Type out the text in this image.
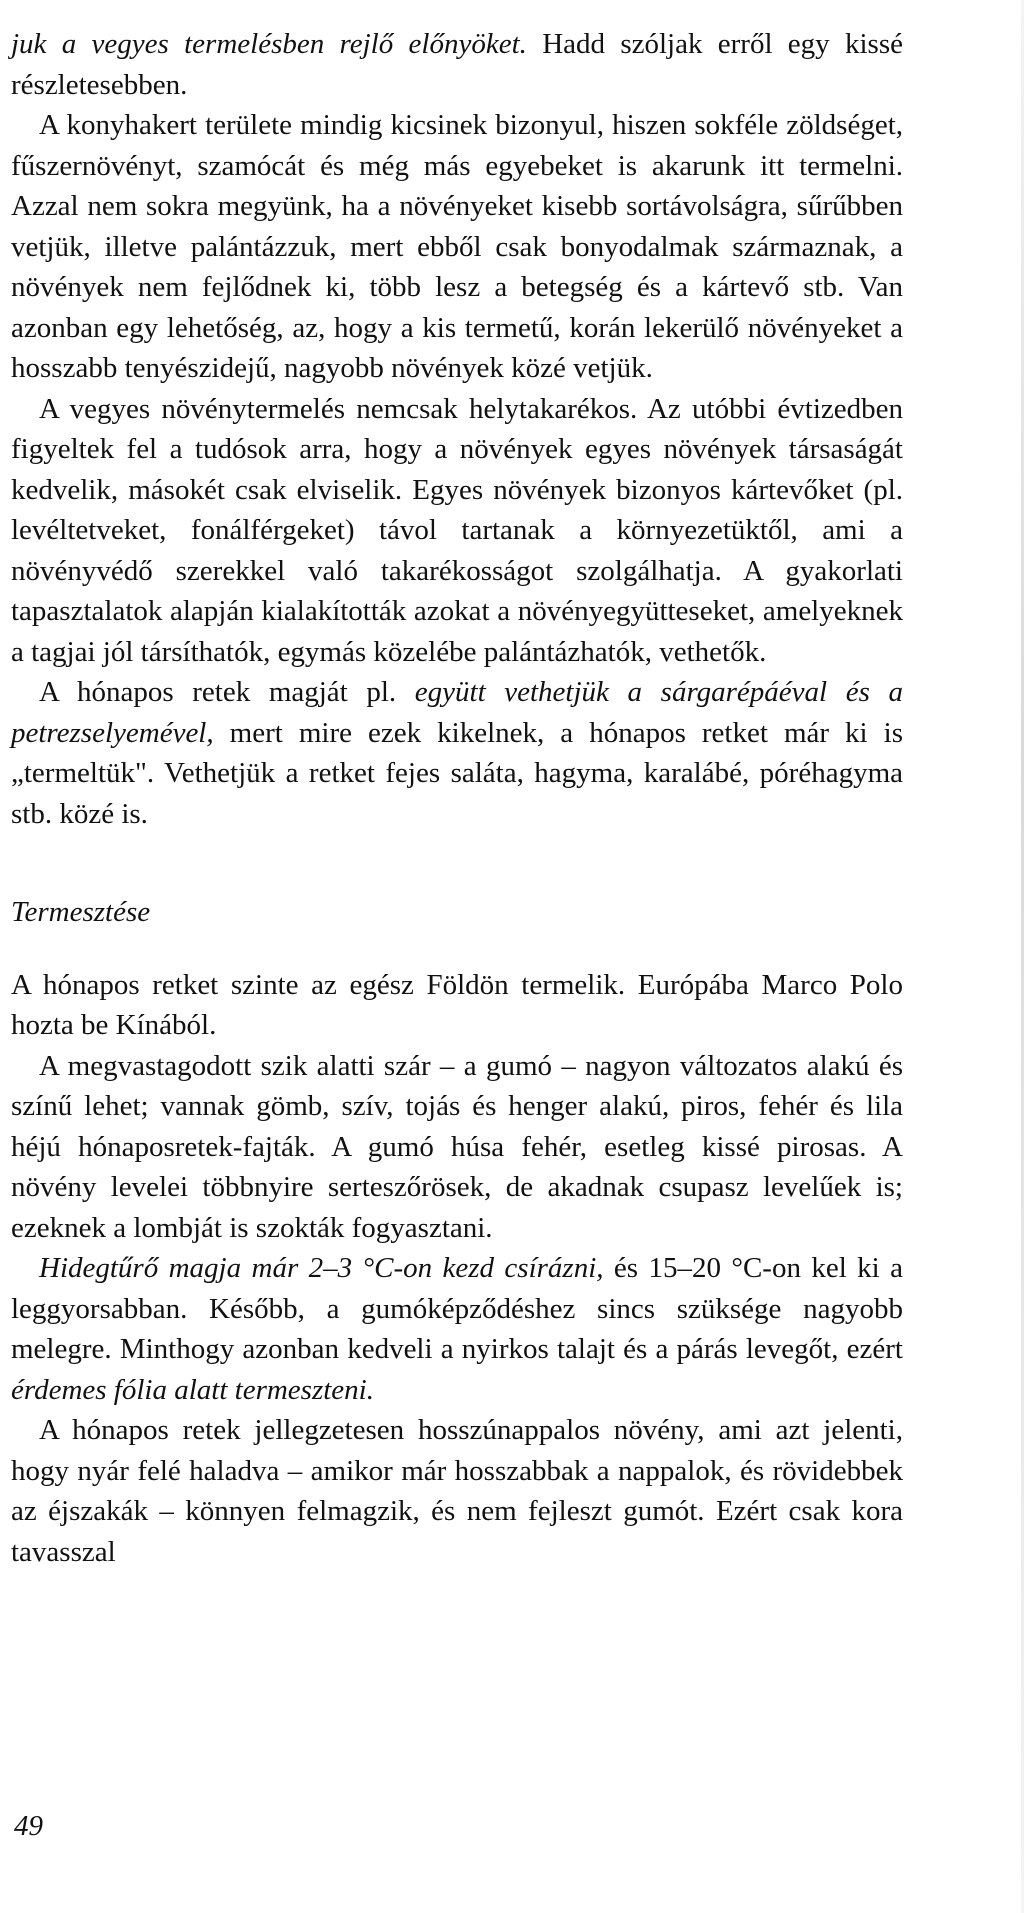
juk a vegyes termelésben rejlő előnyöket. Hadd szóljak erről egy kissé részletesebben.

A konyhakert területe mindig kicsinek bizonyul, hiszen sokféle zöldséget, fűszernövényt, szamócát és még más egyebeket is akarunk itt termelni. Azzal nem sokra megyünk, ha a növényeket kisebb sortávolságra, sűrűbben vetjük, illetve palántázzuk, mert ebből csak bonyodalmak származnak, a növények nem fejlődnek ki, több lesz a betegség és a kártevő stb. Van azonban egy lehetőség, az, hogy a kis termetű, korán lekerülő növényeket a hosszabb tenyészidejű, nagyobb növények közé vetjük.

A vegyes növénytermelés nemcsak helytakarékos. Az utóbbi évtizedben figyeltek fel a tudósok arra, hogy a növények egyes növények társaságát kedvelik, másokét csak elviselik. Egyes növények bizonyos kártevőket (pl. levéltetveket, fonálférgeket) távol tartanak a környezetüktől, ami a növényvédő szerekkel való takarékosságot szolgálhatja. A gyakorlati tapasztalatok alapján kialakították azokat a növényegyütteseket, amelyeknek a tagjai jól társíthatók, egymás közelébe palántázhatók, vethetők.

A hónapos retek magját pl. együtt vethetjük a sárgarépáéval és a petrezselyemével, mert mire ezek kikelnek, a hónapos retket már ki is „termeltük". Vethetjük a retket fejes saláta, hagyma, karalábé, póréhagyma stb. közé is.

Termesztése

A hónapos retket szinte az egész Földön termelik. Európába Marco Polo hozta be Kínából.

A megvastagodott szik alatti szár – a gumó – nagyon változatos alakú és színű lehet; vannak gömb, szív, tojás és henger alakú, piros, fehér és lila héjú hónaposretek-fajták. A gumó húsa fehér, esetleg kissé pirosas. A növény levelei többnyire serteszőrösek, de akadnak csupasz levelűek is; ezeknek a lombját is szokták fogyasztani.

Hidegtűrő magja már 2–3 °C-on kezd csírázni, és 15–20 °C-on kel ki a leggyorsabban. Később, a gumóképződéshez sincs szüksége nagyobb melegre. Minthogy azonban kedveli a nyirkos talajt és a párás levegőt, ezért érdemes fólia alatt termeszteni.

A hónapos retek jellegzetesen hosszúnappalos növény, ami azt jelenti, hogy nyár felé haladva – amikor már hosszabbak a nappalok, és rövidebbek az éjszakák – könnyen felmagzik, és nem fejleszt gumót. Ezért csak kora tavasszal

49
